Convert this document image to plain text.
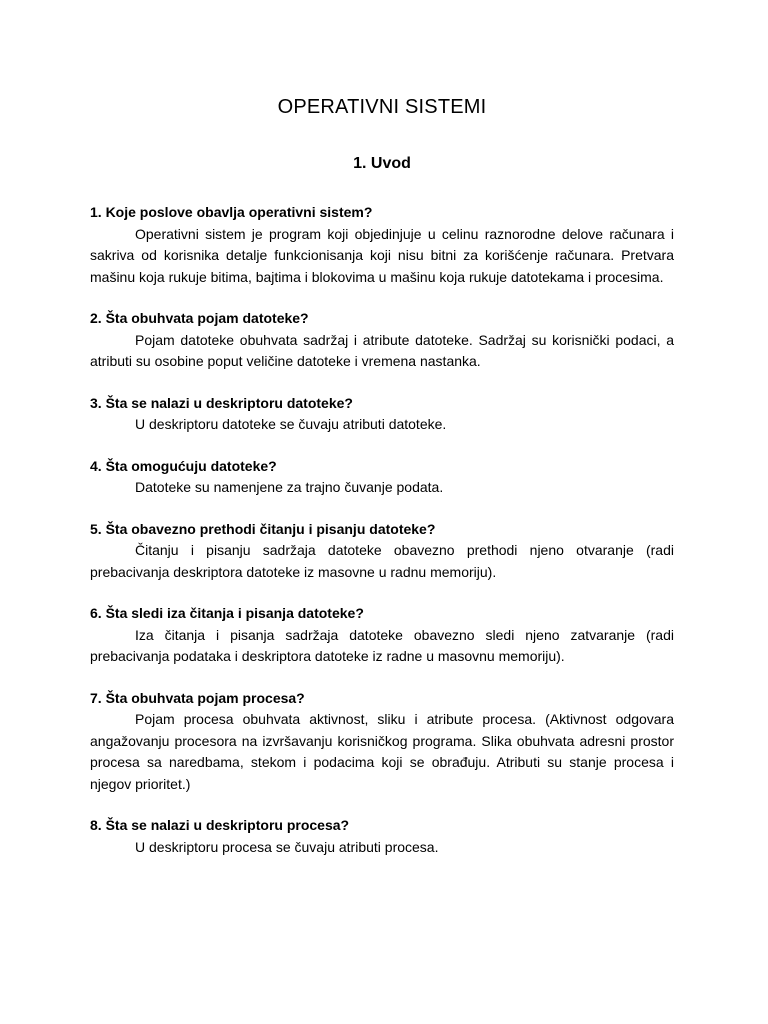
OPERATIVNI SISTEMI
1. Uvod

1. Koje poslove obavlja operativni sistem?

Operativni sistem je program koji objedinjuje u celinu raznorodne delove računara i sakriva od korisnika detalje funkcionisanja koji nisu bitni za korišćenje računara. Pretvara mašinu koja rukuje bitima, bajtima i blokovima u mašinu koja rukuje datotekama i procesima.

2. Šta obuhvata pojam datoteke?

Pojam datoteke obuhvata sadržaj i atribute datoteke. Sadržaj su korisnički podaci, a atributi su osobine poput veličine datoteke i vremena nastanka.

3. Šta se nalazi u deskriptoru datoteke?

U deskriptoru datoteke se čuvaju atributi datoteke.

4. Šta omogućuju datoteke?

Datoteke su namenjene za trajno čuvanje podata.

5. Šta obavezno prethodi čitanju i pisanju datoteke?

Čitanju i pisanju sadržaja datoteke obavezno prethodi njeno otvaranje (radi prebacivanja deskriptora datoteke iz masovne u radnu memoriju).

6. Šta sledi iza čitanja i pisanja datoteke?

Iza čitanja i pisanja sadržaja datoteke obavezno sledi njeno zatvaranje (radi prebacivanja podataka i deskriptora datoteke iz radne u masovnu memoriju).

7. Šta obuhvata pojam procesa?

Pojam procesa obuhvata aktivnost, sliku i atribute procesa. (Aktivnost odgovara angažovanju procesora na izvršavanju korisničkog programa. Slika obuhvata adresni prostor procesa sa naredbama, stekom i podacima koji se obrađuju. Atributi su stanje procesa i njegov prioritet.)

8. Šta se nalazi u deskriptoru procesa?

U deskriptoru procesa se čuvaju atributi procesa.
